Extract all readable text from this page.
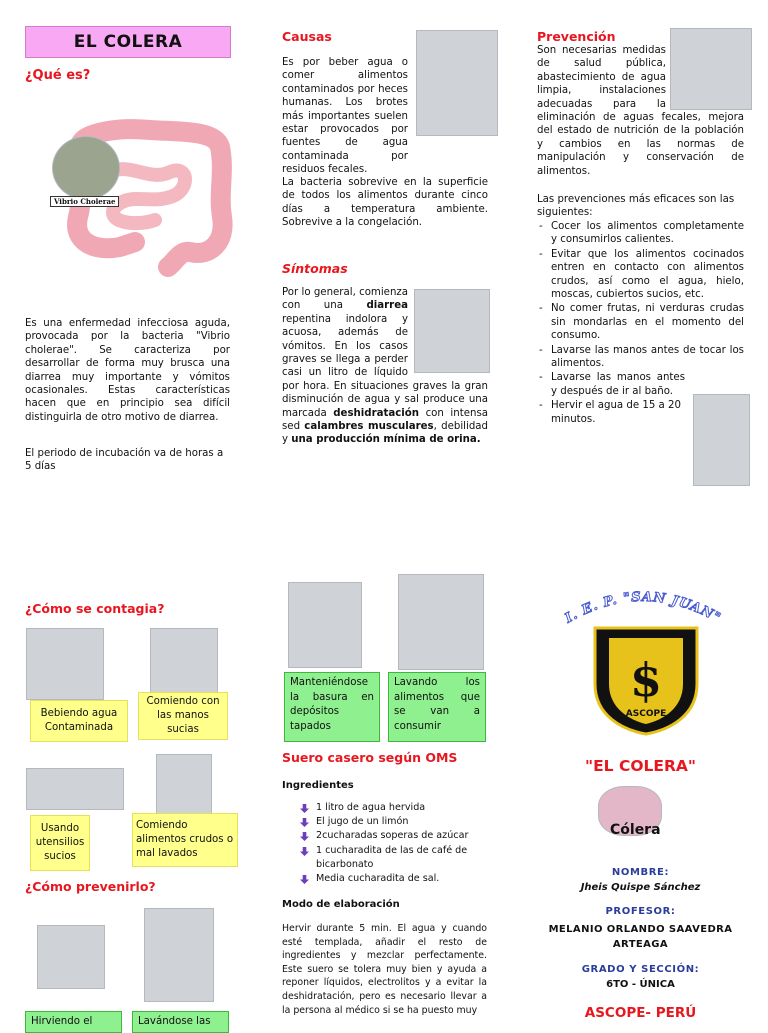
EL COLERA
¿Qué es?
Vibrio Cholerae
Es una enfermedad infecciosa aguda, provocada por la bacteria "Vibrio cholerae". Se caracteriza por desarrollar de forma muy brusca una diarrea muy importante y vómitos ocasionales. Estas características hacen que en principio sea difícil distinguirla de otro motivo de diarrea.
El periodo de incubación va de horas a 5 días
Causas
Es por beber agua o comer alimentos contaminados por heces humanas. Los brotes más importantes suelen estar provocados por fuentes de agua contaminada por residuos fecales.
La bacteria sobrevive en la superficie de todos los alimentos durante cinco días a temperatura ambiente. Sobrevive a la congelación.
Síntomas
Por lo general, comienza con una diarrea repentina indolora y acuosa, además de vómitos. En los casos graves se llega a perder casi un litro de líquido por hora. En situaciones graves la gran disminución de agua y sal produce una marcada deshidratación con intensa sed calambres musculares, debilidad y una producción mínima de orina.
Prevención
Son necesarias medidas de salud pública, abastecimiento de agua limpia, instalaciones adecuadas para la eliminación de aguas fecales, mejora del estado de nutrición de la población y cambios en las normas de manipulación y conservación de alimentos.
Las prevenciones más eficaces son las siguientes:
- Cocer los alimentos completamente y consumirlos calientes.
- Evitar que los alimentos cocinados entren en contacto con alimentos crudos, así como el agua, hielo, moscas, cubiertos sucios, etc.
- No comer frutas, ni verduras crudas sin mondarlas en el momento del consumo.
- Lavarse las manos antes de tocar los alimentos.
- Lavarse las manos antes y después de ir al baño.
- Hervir el agua de 15 a 20 minutos.
¿Cómo se contagia?
Bebiendo agua Contaminada
Comiendo con las manos sucias
Usando utensilios sucios
Comiendo alimentos crudos o mal lavados
¿Cómo prevenirlo?
Hirviendo el	Lavándose las
Manteniéndose la basura en depósitos tapados
Lavando los alimentos que se van a consumir
Suero casero según OMS
Ingredientes
1 litro de agua hervida
El jugo de un limón
2cucharadas soperas de azúcar
1 cucharadita de las de café de bicarbonato
Media cucharadita de sal.
Modo de elaboración
Hervir durante 5 min. El agua y cuando esté templada, añadir el resto de ingredientes y mezclar perfectamente. Este suero se tolera muy bien y ayuda a reponer líquidos, electrolitos y a evitar la deshidratación, pero es necesario llevar a la persona al médico si se ha puesto muy
I. E. P. "SAN JUAN"
$
ASCOPE
"EL COLERA"
Cólera
NOMBRE:
Jheis Quispe Sánchez
PROFESOR:
MELANIO ORLANDO SAAVEDRA ARTEAGA
GRADO Y SECCIÓN:
6TO - ÚNICA
ASCOPE- PERÚ
